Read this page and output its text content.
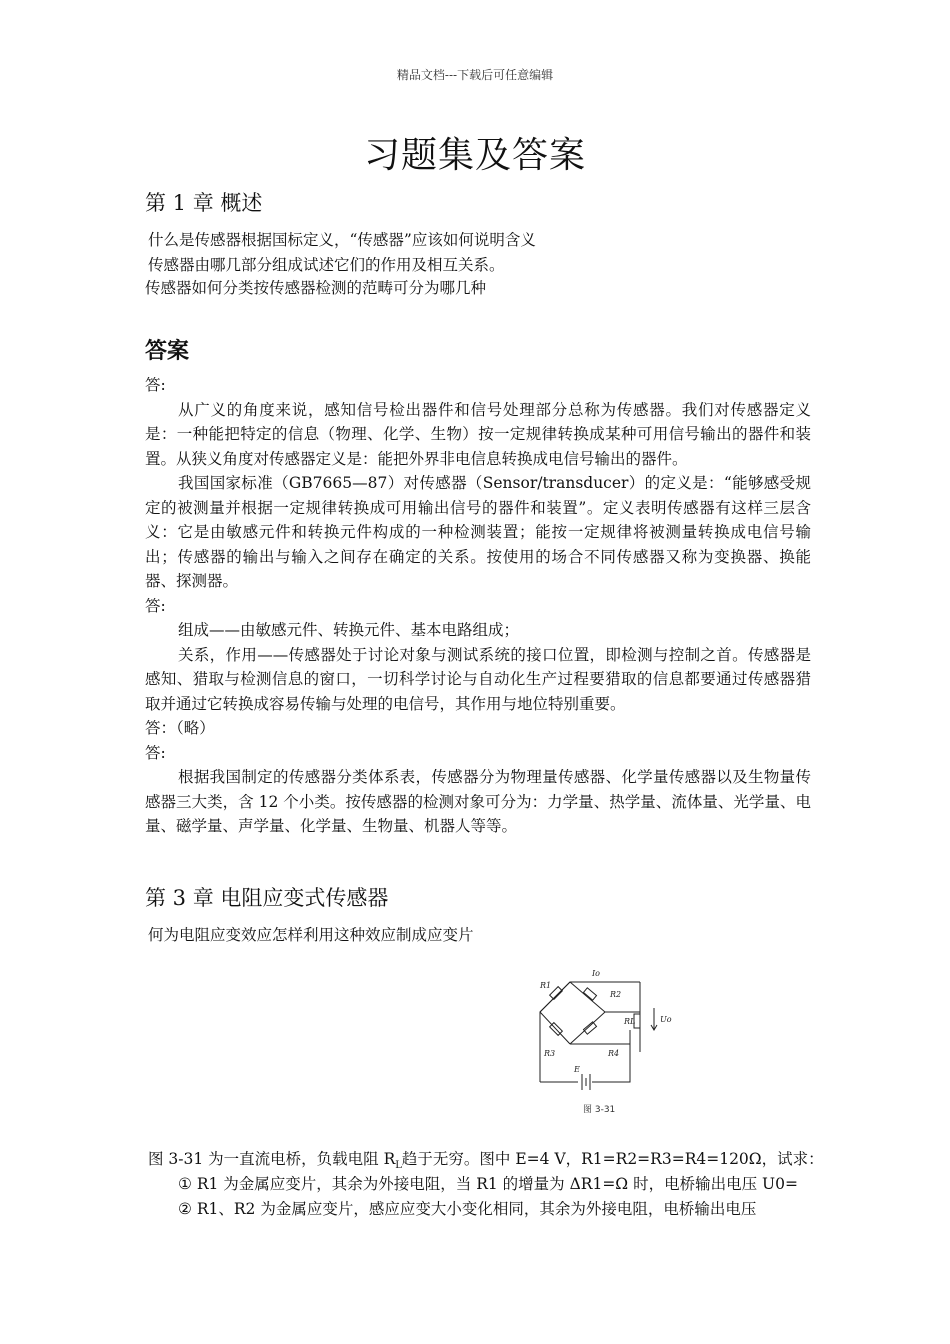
精品文档---下载后可任意编辑
习题集及答案
第 1 章 概述
什么是传感器根据国标定义，“传感器”应该如何说明含义
传感器由哪几部分组成试述它们的作用及相互关系。
传感器如何分类按传感器检测的范畴可分为哪几种
答案

答:

从广义的角度来说，感知信号检出器件和信号处理部分总称为传感器。我们对传感器定义是：一种能把特定的信息（物理、化学、生物）按一定规律转换成某种可用信号输出的器件和装置。从狭义角度对传感器定义是：能把外界非电信息转换成电信号输出的器件。

我国国家标准（GB7665—87）对传感器（Sensor/transducer）的定义是：“能够感受规定的被测量并根据一定规律转换成可用输出信号的器件和装置”。定义表明传感器有这样三层含义：它是由敏感元件和转换元件构成的一种检测装置；能按一定规律将被测量转换成电信号输出；传感器的输出与输入之间存在确定的关系。按使用的场合不同传感器又称为变换器、换能器、探测器。

答:

组成——由敏感元件、转换元件、基本电路组成；

关系，作用——传感器处于讨论对象与测试系统的接口位置，即检测与控制之首。传感器是感知、猎取与检测信息的窗口，一切科学讨论与自动化生产过程要猎取的信息都要通过传感器猎取并通过它转换成容易传输与处理的电信号，其作用与地位特别重要。

答：（略）

答:

根据我国制定的传感器分类体系表，传感器分为物理量传感器、化学量传感器以及生物量传感器三大类，含 12 个小类。按传感器的检测对象可分为：力学量、热学量、流体量、光学量、电量、磁学量、声学量、化学量、生物量、机器人等等。

第 3 章 电阻应变式传感器
何为电阻应变效应怎样利用这种效应制成应变片
R1
R2
R3	R4
RL	Uo
E
Io
图 3-31
图 3-31 为一直流电桥，负载电阻 $R_L$趋于无穷。图中 E=4 V，R1=R2=R3=R4=120Ω，试求：
① R1 为金属应变片，其余为外接电阻，当 R1 的增量为 ΔR1=Ω 时，电桥输出电压 U0=
② R1、R2 为金属应变片，感应应变大小变化相同，其余为外接电阻，电桥输出电压
